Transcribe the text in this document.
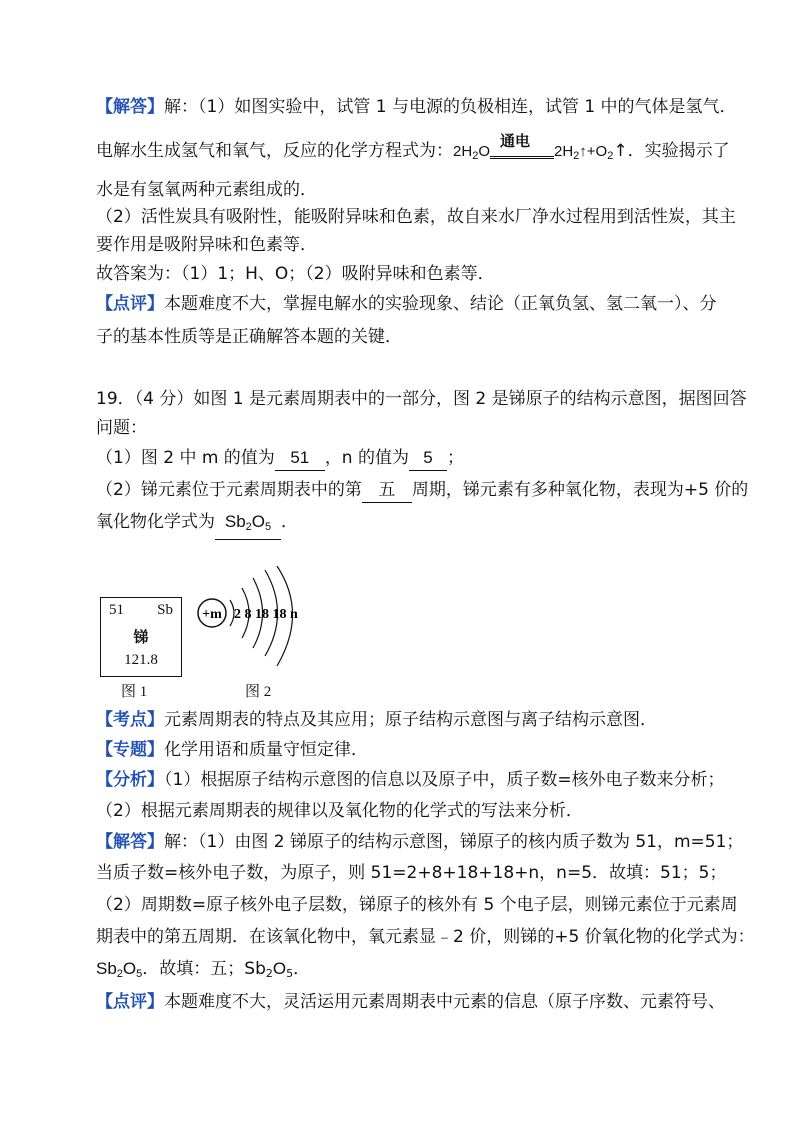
【解答】解：（1）如图实验中，试管 1 与电源的负极相连，试管 1 中的气体是氢气．
电解水生成氢气和氧气，反应的化学方程式为：$2H_2O$
通电
$2H_2↑+O_2↑$．实验揭示了
水是有氢氧两种元素组成的．
（2）活性炭具有吸附性，能吸附异味和色素，故自来水厂净水过程用到活性炭，其主
要作用是吸附异味和色素等．
故答案为：（1）1；H、O；（2）吸附异味和色素等．
【点评】本题难度不大，掌握电解水的实验现象、结论（正氧负氢、氢二氧一）、分
子的基本性质等是正确解答本题的关键．
19．（4 分）如图 1 是元素周期表中的一部分，图 2 是锑原子的结构示意图，据图回答
问题：
（1）图 2 中 m 的值为 51 ，n 的值为 5 ；
（2）锑元素位于元素周期表中的第 五 周期，锑元素有多种氧化物，表现为+5 价的
氧化物化学式为 $Sb_2O_5$ ．
51 Sb
锑
121.8
图 1
+m 2 8 18 18 n
图 2
【考点】元素周期表的特点及其应用；原子结构示意图与离子结构示意图．
【专题】化学用语和质量守恒定律．
【分析】（1）根据原子结构示意图的信息以及原子中，质子数=核外电子数来分析；
（2）根据元素周期表的规律以及氧化物的化学式的写法来分析．
【解答】解：（1）由图 2 锑原子的结构示意图，锑原子的核内质子数为 51，m=51；
当质子数=核外电子数，为原子，则 51=2+8+18+18+n，n=5．故填：51；5；
（2）周期数=原子核外电子层数，锑原子的核外有 5 个电子层，则锑元素位于元素周
期表中的第五周期．在该氧化物中，氧元素显﹣2 价，则锑的+5 价氧化物的化学式为：
$Sb_2O_5$．故填：五；$Sb_2O_5$．
【点评】本题难度不大，灵活运用元素周期表中元素的信息（原子序数、元素符号、
